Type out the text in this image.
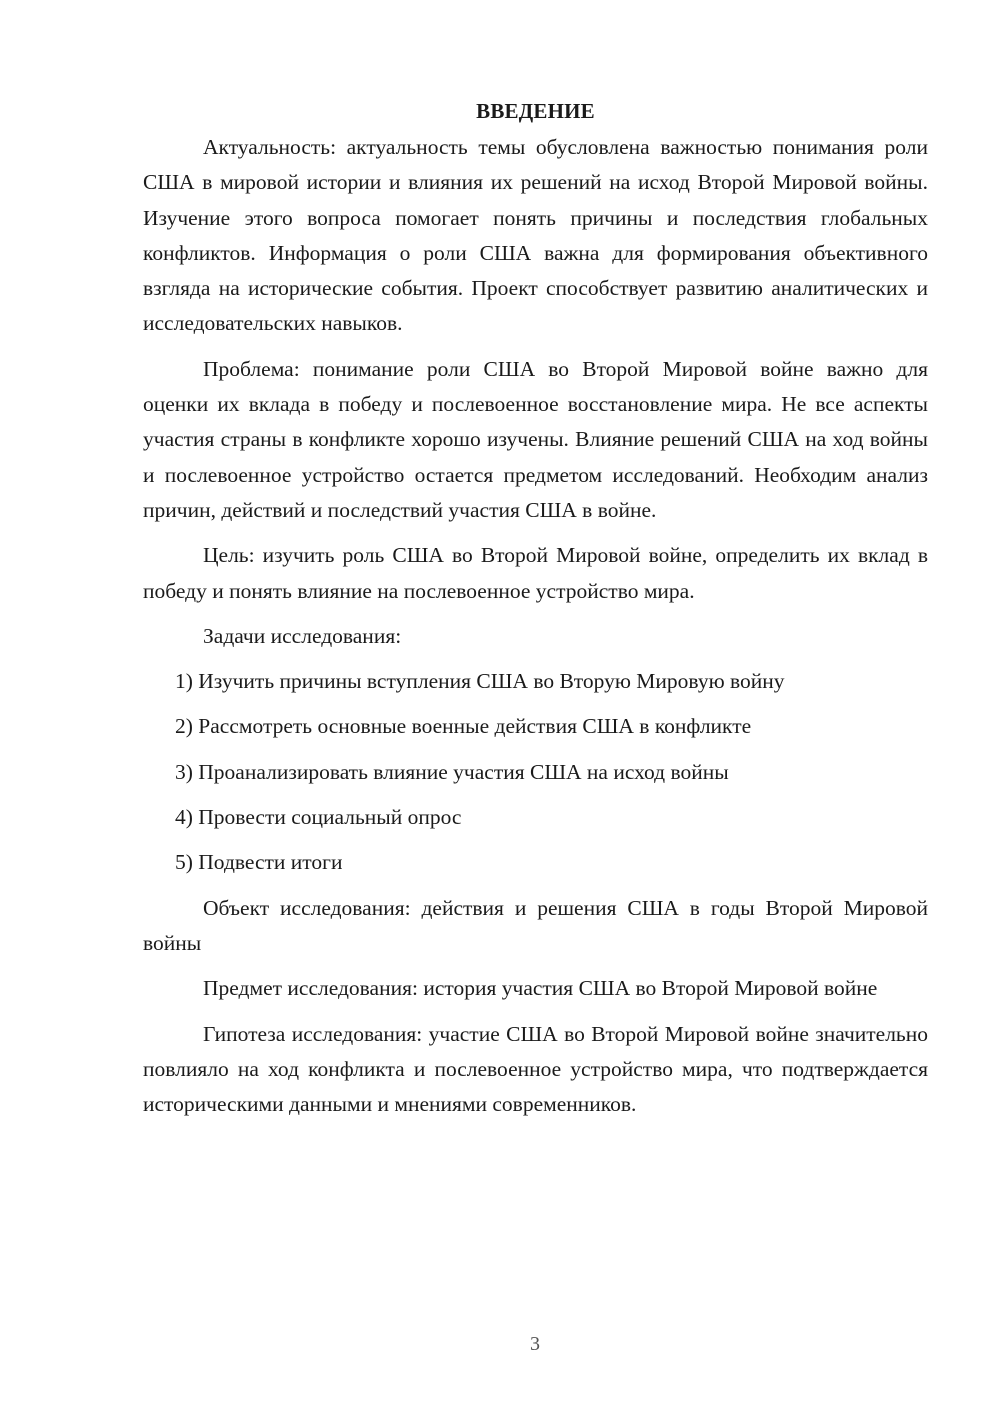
ВВЕДЕНИЕ

Актуальность: актуальность темы обусловлена важностью понимания роли США в мировой истории и влияния их решений на исход Второй Мировой войны. Изучение этого вопроса помогает понять причины и последствия глобальных конфликтов. Информация о роли США важна для формирования объективного взгляда на исторические события. Проект способствует развитию аналитических и исследовательских навыков.

Проблема: понимание роли США во Второй Мировой войне важно для оценки их вклада в победу и послевоенное восстановление мира. Не все аспекты участия страны в конфликте хорошо изучены. Влияние решений США на ход войны и послевоенное устройство остается предметом исследований. Необходим анализ причин, действий и последствий участия США в войне.

Цель: изучить роль США во Второй Мировой войне, определить их вклад в победу и понять влияние на послевоенное устройство мира.

Задачи исследования:

1) Изучить причины вступления США во Вторую Мировую войну
2) Рассмотреть основные военные действия США в конфликте
3) Проанализировать влияние участия США на исход войны
4) Провести социальный опрос
5) Подвести итоги

Объект исследования: действия и решения США в годы Второй Мировой войны

Предмет исследования: история участия США во Второй Мировой войне

Гипотеза исследования: участие США во Второй Мировой войне значительно повлияло на ход конфликта и послевоенное устройство мира, что подтверждается историческими данными и мнениями современников.

3
